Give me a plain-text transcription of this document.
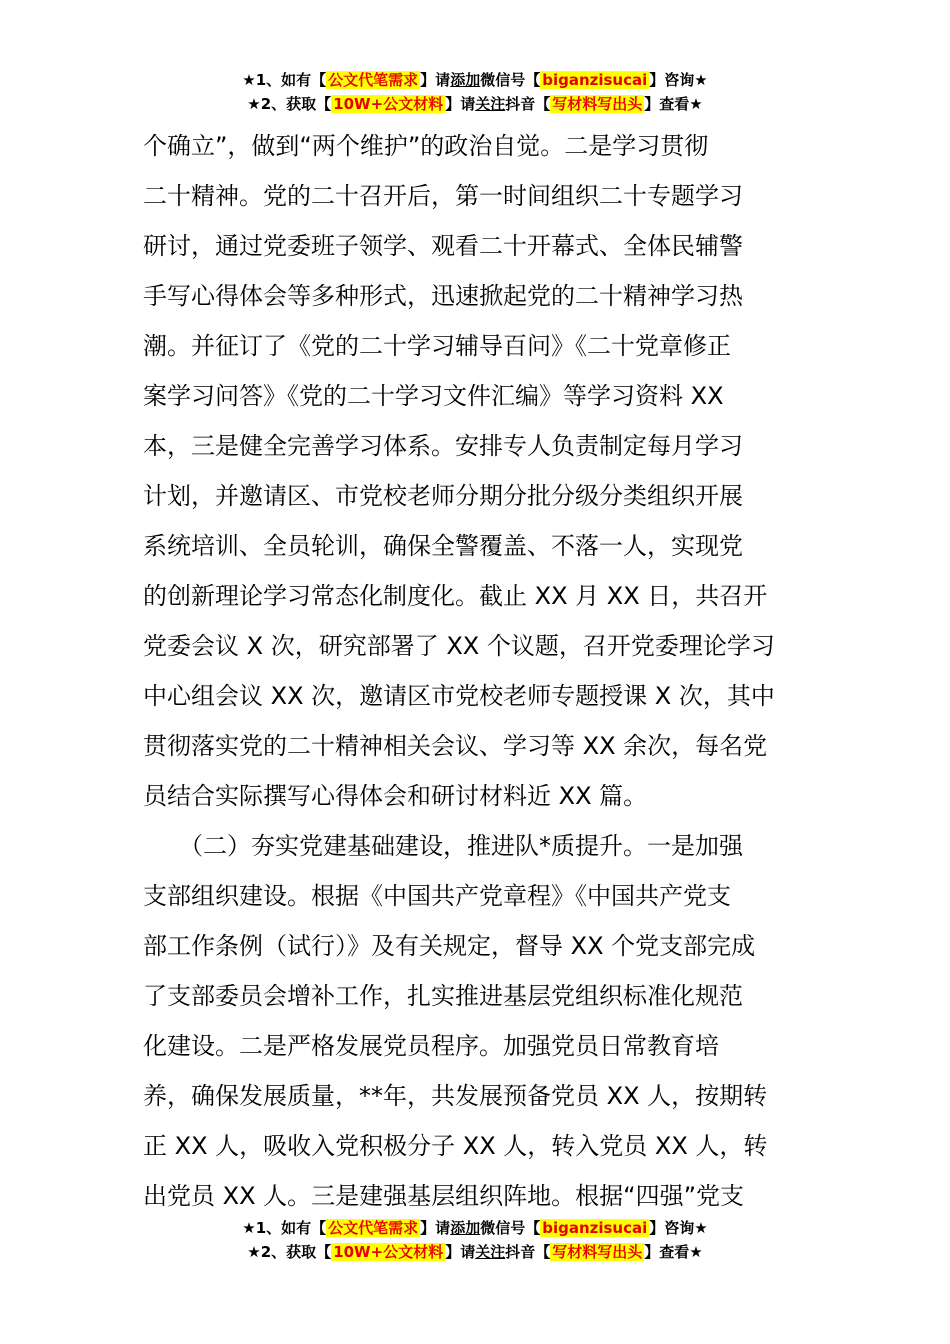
★1、如有【 公文代笔需求 】请添加微信号【 biganzisucai 】咨询★
★2、获取【 10W+公文材料 】请关注抖音【 写材料写出头 】查看★
个确立”，做到“两个维护”的政治自觉。二是学习贯彻
二十精神。党的二十召开后，第一时间组织二十专题学习
研讨，通过党委班子领学、观看二十开幕式、全体民辅警
手写心得体会等多种形式，迅速掀起党的二十精神学习热
潮。并征订了《党的二十学习辅导百问》《二十党章修正
案学习问答》《党的二十学习文件汇编》等学习资料 XX
本，三是健全完善学习体系。安排专人负责制定每月学习
计划，并邀请区、市党校老师分期分批分级分类组织开展
系统培训、全员轮训，确保全警覆盖、不落一人，实现党
的创新理论学习常态化制度化。截止 XX 月 XX 日，共召开
党委会议 X 次，研究部署了 XX 个议题，召开党委理论学习
中心组会议 XX 次，邀请区市党校老师专题授课 X 次，其中
贯彻落实党的二十精神相关会议、学习等 XX 余次，每名党
员结合实际撰写心得体会和研讨材料近 XX 篇。
　　（二）夯实党建基础建设，推进队*质提升。一是加强
支部组织建设。根据《中国共产党章程》《中国共产党支
部工作条例（试行）》及有关规定，督导 XX 个党支部完成
了支部委员会增补工作，扎实推进基层党组织标准化规范
化建设。二是严格发展党员程序。加强党员日常教育培
养，确保发展质量，**年，共发展预备党员 XX 人，按期转
正 XX 人，吸收入党积极分子 XX 人，转入党员 XX 人，转
出党员 XX 人。三是建强基层组织阵地。根据“四强”党支
★1、如有【 公文代笔需求 】请添加微信号【 biganzisucai 】咨询★
★2、获取【 10W+公文材料 】请关注抖音【 写材料写出头 】查看★
